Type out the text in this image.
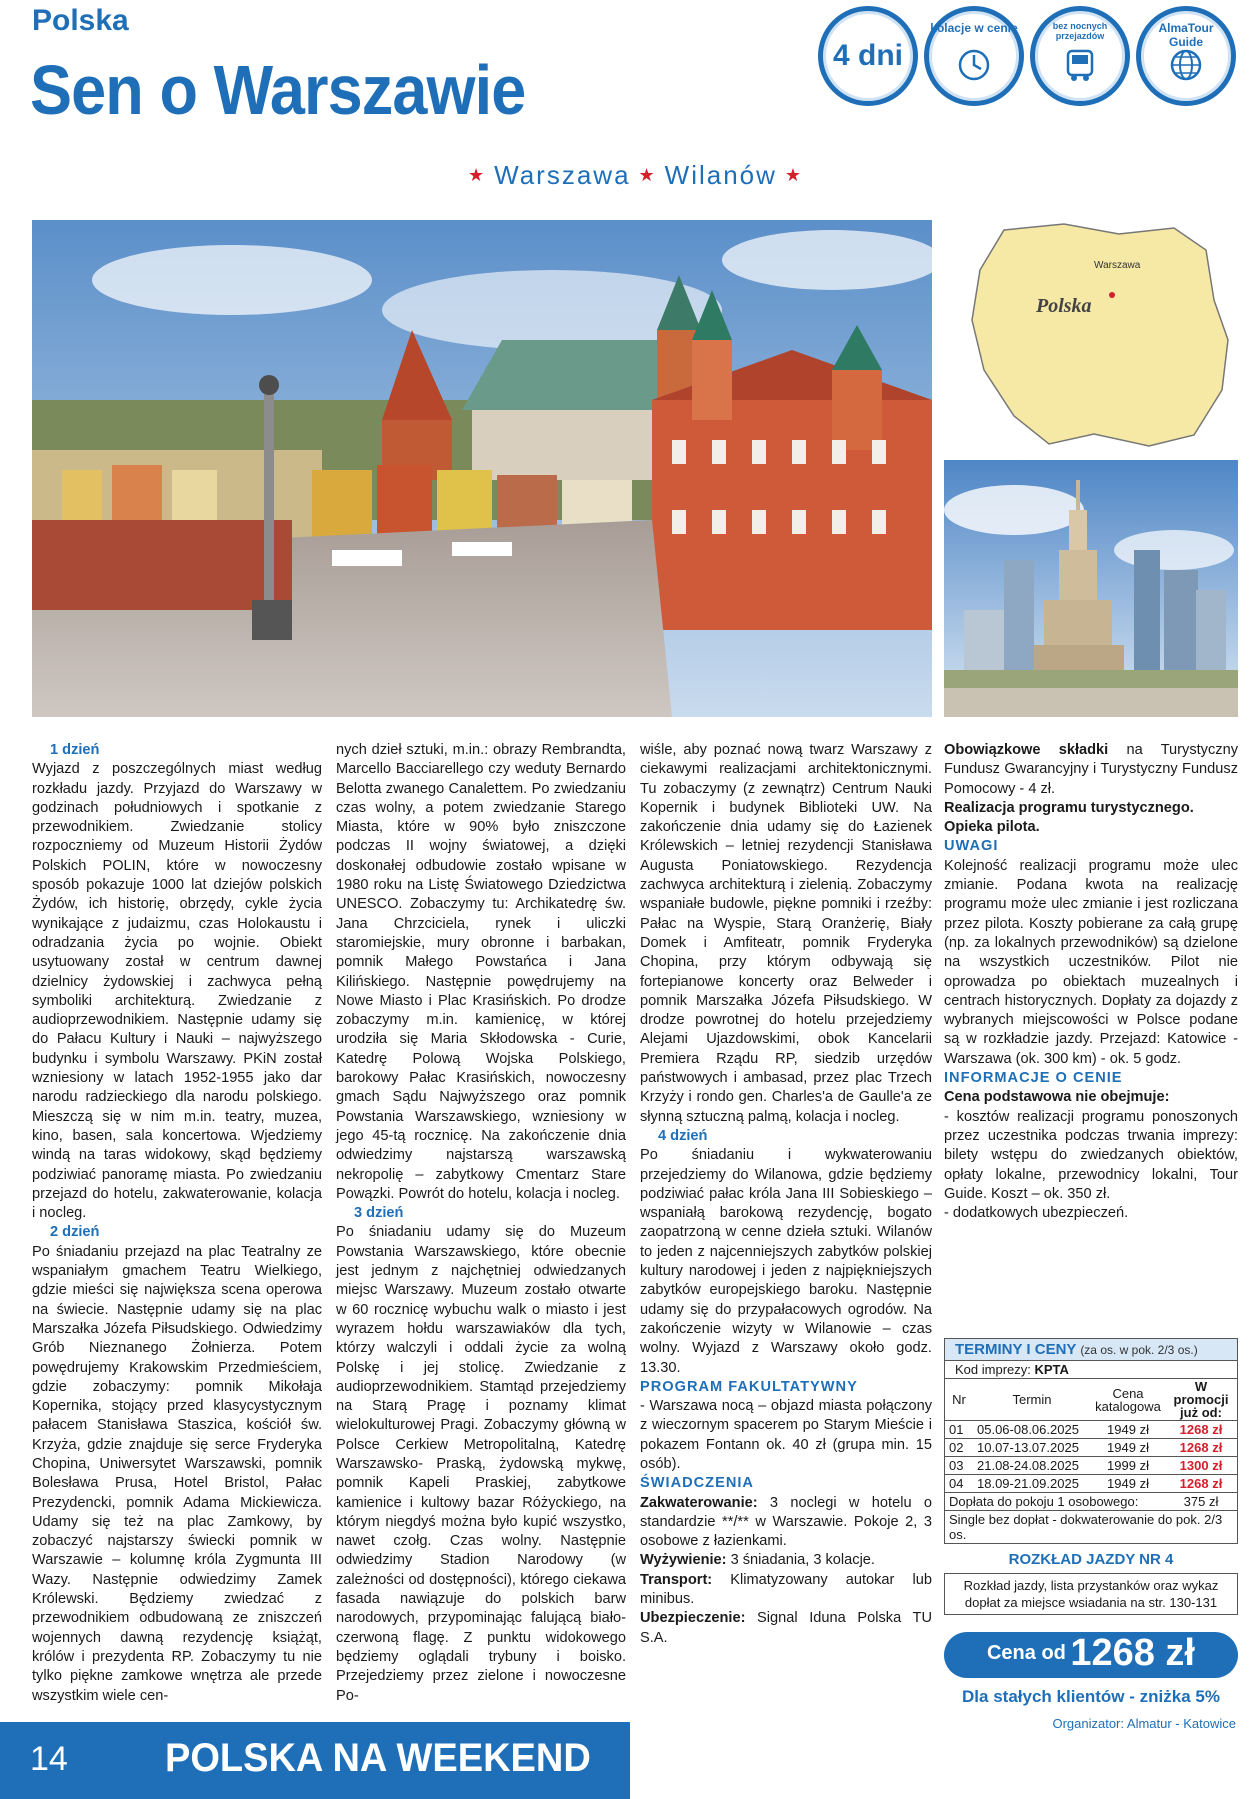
Polska
Sen o Warszawie	4 dni
kolacje w cenie	bez nocnych przejazdów
AlmaTour Guide
★ Warszawa ★ Wilanów ★
Polska
Warszawa

1 dzień

Wyjazd z poszczególnych miast według rozkładu jazdy. Przyjazd do Warszawy w godzinach południowych i spotkanie z przewodnikiem. Zwiedzanie stolicy rozpoczniemy od Muzeum Historii Żydów Polskich POLIN, które w nowoczesny sposób pokazuje 1000 lat dziejów polskich Żydów, ich historię, obrzędy, cykle życia wynikające z judaizmu, czas Holokaustu i odradzania życia po wojnie. Obiekt usytuowany został w centrum dawnej dzielnicy żydowskiej i zachwyca pełną symboliki architekturą. Zwiedzanie z audioprzewodnikiem. Następnie udamy się do Pałacu Kultury i Nauki – najwyższego budynku i symbolu Warszawy. PKiN został wzniesiony w latach 1952-1955 jako dar narodu radzieckiego dla narodu polskiego. Mieszczą się w nim m.in. teatry, muzea, kino, basen, sala koncertowa. Wjedziemy windą na taras widokowy, skąd będziemy podziwiać panoramę miasta. Po zwiedzaniu przejazd do hotelu, zakwaterowanie, kolacja i nocleg.

2 dzień

Po śniadaniu przejazd na plac Teatralny ze wspaniałym gmachem Teatru Wielkiego, gdzie mieści się największa scena operowa na świecie. Następnie udamy się na plac Marszałka Józefa Piłsudskiego. Odwiedzimy Grób Nieznanego Żołnierza. Potem powędrujemy Krakowskim Przedmieściem, gdzie zobaczymy: pomnik Mikołaja Kopernika, stojący przed klasycystycznym pałacem Stanisława Staszica, kościół św. Krzyża, gdzie znajduje się serce Fryderyka Chopina, Uniwersytet Warszawski, pomnik Bolesława Prusa, Hotel Bristol, Pałac Prezydencki, pomnik Adama Mickiewicza. Udamy się też na plac Zamkowy, by zobaczyć najstarszy świecki pomnik w Warszawie – kolumnę króla Zygmunta III Wazy. Następnie odwiedzimy Zamek Królewski. Będziemy zwiedzać z przewodnikiem odbudowaną ze zniszczeń wojennych dawną rezydencję książąt, królów i prezydenta RP. Zobaczymy tu nie tylko piękne zamkowe wnętrza ale przede wszystkim wiele cen-

nych dzieł sztuki, m.in.: obrazy Rembrandta, Marcello Bacciarellego czy weduty Bernardo Belotta zwanego Canalettem. Po zwiedzaniu czas wolny, a potem zwiedzanie Starego Miasta, które w 90% było zniszczone podczas II wojny światowej, a dzięki doskonałej odbudowie zostało wpisane w 1980 roku na Listę Światowego Dziedzictwa UNESCO. Zobaczymy tu: Archikatedrę św. Jana Chrzciciela, rynek i uliczki staromiejskie, mury obronne i barbakan, pomnik Małego Powstańca i Jana Kilińskiego. Następnie powędrujemy na Nowe Miasto i Plac Krasińskich. Po drodze zobaczymy m.in. kamienicę, w której urodziła się Maria Skłodowska - Curie, Katedrę Polową Wojska Polskiego, barokowy Pałac Krasińskich, nowoczesny gmach Sądu Najwyższego oraz pomnik Powstania Warszawskiego, wzniesiony w jego 45-tą rocznicę. Na zakończenie dnia odwiedzimy najstarszą warszawską nekropolię – zabytkowy Cmentarz Stare Powązki. Powrót do hotelu, kolacja i nocleg.

3 dzień

Po śniadaniu udamy się do Muzeum Powstania Warszawskiego, które obecnie jest jednym z najchętniej odwiedzanych miejsc Warszawy. Muzeum zostało otwarte w 60 rocznicę wybuchu walk o miasto i jest wyrazem hołdu warszawiaków dla tych, którzy walczyli i oddali życie za wolną Polskę i jej stolicę. Zwiedzanie z audioprzewodnikiem. Stamtąd przejedziemy na Starą Pragę i poznamy klimat wielokulturowej Pragi. Zobaczymy główną w Polsce Cerkiew Metropolitalną, Katedrę Warszawsko- Praską, żydowską mykwę, pomnik Kapeli Praskiej, zabytkowe kamienice i kultowy bazar Różyckiego, na którym niegdyś można było kupić wszystko, nawet czołg. Czas wolny. Następnie odwiedzimy Stadion Narodowy (w zależności od dostępności), którego ciekawa fasada nawiązuje do polskich barw narodowych, przypominając falującą biało-czerwoną flagę. Z punktu widokowego będziemy oglądali trybuny i boisko. Przejedziemy przez zielone i nowoczesne Po-

wiśle, aby poznać nową twarz Warszawy z ciekawymi realizacjami architektonicznymi. Tu zobaczymy (z zewnątrz) Centrum Nauki Kopernik i budynek Biblioteki UW. Na zakończenie dnia udamy się do Łazienek Królewskich – letniej rezydencji Stanisława Augusta Poniatowskiego. Rezydencja zachwyca architekturą i zielenią. Zobaczymy wspaniałe budowle, piękne pomniki i rzeźby: Pałac na Wyspie, Starą Oranżerię, Biały Domek i Amfiteatr, pomnik Fryderyka Chopina, przy którym odbywają się fortepianowe koncerty oraz Belweder i pomnik Marszałka Józefa Piłsudskiego. W drodze powrotnej do hotelu przejedziemy Alejami Ujazdowskimi, obok Kancelarii Premiera Rządu RP, siedzib urzędów państwowych i ambasad, przez plac Trzech Krzyży i rondo gen. Charles'a de Gaulle'a ze słynną sztuczną palmą, kolacja i nocleg.

4 dzień

Po śniadaniu i wykwaterowaniu przejedziemy do Wilanowa, gdzie będziemy podziwiać pałac króla Jana III Sobieskiego – wspaniałą barokową rezydencję, bogato zaopatrzoną w cenne dzieła sztuki. Wilanów to jeden z najcenniejszych zabytków polskiej kultury narodowej i jeden z najpiękniejszych zabytków europejskiego baroku. Następnie udamy się do przypałacowych ogrodów. Na zakończenie wizyty w Wilanowie – czas wolny. Wyjazd z Warszawy około godz. 13.30.

PROGRAM FAKULTATYWNY

- Warszawa nocą – objazd miasta połączony z wieczornym spacerem po Starym Mieście i pokazem Fontann ok. 40 zł (grupa min. 15 osób).

ŚWIADCZENIA

Zakwaterowanie: 3 noclegi w hotelu o standardzie **/** w Warszawie. Pokoje 2, 3 osobowe z łazienkami.

Wyżywienie: 3 śniadania, 3 kolacje.

Transport: Klimatyzowany autokar lub minibus.

Ubezpieczenie: Signal Iduna Polska TU S.A.

Obowiązkowe składki na Turystyczny Fundusz Gwarancyjny i Turystyczny Fundusz Pomocowy - 4 zł.

Realizacja programu turystycznego.

Opieka pilota.

UWAGI

Kolejność realizacji programu może ulec zmianie. Podana kwota na realizację programu może ulec zmianie i jest rozliczana przez pilota. Koszty pobierane za całą grupę (np. za lokalnych przewodników) są dzielone na wszystkich uczestników. Pilot nie oprowadza po obiektach muzealnych i centrach historycznych. Dopłaty za dojazdy z wybranych miejscowości w Polsce podane są w rozkładzie jazdy. Przejazd: Katowice - Warszawa (ok. 300 km) - ok. 5 godz.

INFORMACJE O CENIE

Cena podstawowa nie obejmuje:

- kosztów realizacji programu ponoszonych przez uczestnika podczas trwania imprezy: bilety wstępu do zwiedzanych obiektów, opłaty lokalne, przewodnicy lokalni, Tour Guide. Koszt – ok. 350 zł.

- dodatkowych ubezpieczeń.

TERMINY I CENY (za os. w pok. 2/3 os.)
Kod imprezy: KPTA
Nr	Termin	Cena katalogowa	W promocji już od:
01	05.06-08.06.2025	1949 zł	1268 zł
02	10.07-13.07.2025	1949 zł	1268 zł
03	21.08-24.08.2025	1999 zł	1300 zł
04	18.09-21.09.2025	1949 zł	1268 zł
Dopłata do pokoju 1 osobowego:			375 zł
Single bez dopłat - dokwaterowanie do pok. 2/3 os.			
ROZKŁAD JAZDY NR 4
Rozkład jazdy, lista przystanków oraz wykaz dopłat za miejsce wsiadania na str. 130-131
Cena od 1268 zł
Dla stałych klientów - zniżka 5%
Organizator: Almatur - Katowice
14 POLSKA NA WEEKEND
